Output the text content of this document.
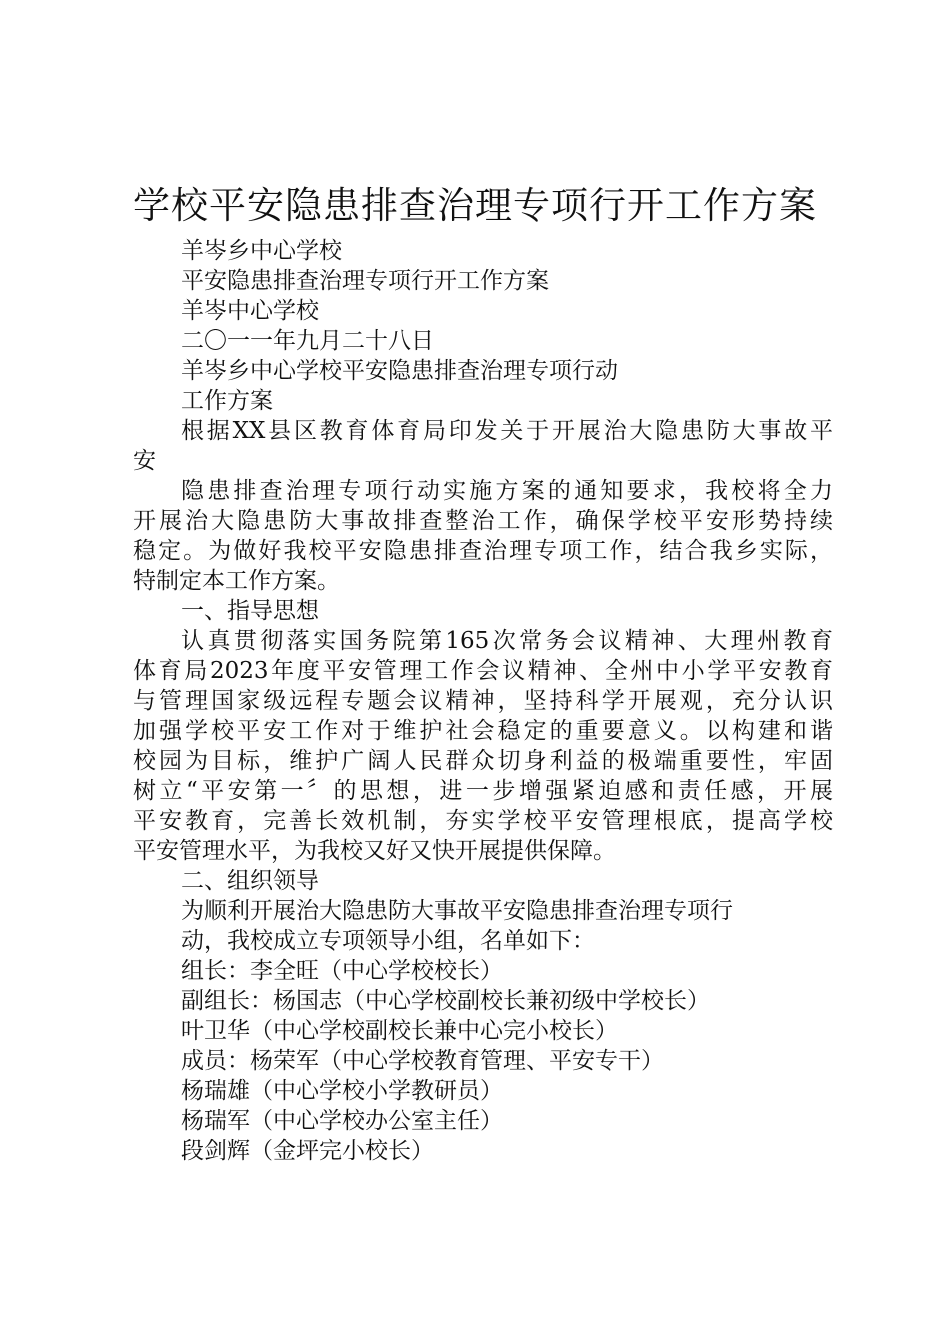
学校平安隐患排查治理专项行开工作方案
羊岑乡中心学校
平安隐患排查治理专项行开工作方案
羊岑中心学校
二〇一一年九月二十八日
羊岑乡中心学校平安隐患排查治理专项行动
工作方案
根据XX县区教育体育局印发关于开展治大隐患防大事故平
安
隐患排查治理专项行动实施方案的通知要求，我校将全力
开展治大隐患防大事故排查整治工作，确保学校平安形势持续
稳定。为做好我校平安隐患排查治理专项工作，结合我乡实际，
特制定本工作方案。
一、指导思想
认真贯彻落实国务院第165次常务会议精神、大理州教育
体育局2023年度平安管理工作会议精神、全州中小学平安教育
与管理国家级远程专题会议精神，坚持科学开展观，充分认识
加强学校平安工作对于维护社会稳定的重要意义。以构建和谐
校园为目标，维护广阔人民群众切身利益的极端重要性，牢固
树立“平安第一〞的思想，进一步增强紧迫感和责任感，开展
平安教育，完善长效机制，夯实学校平安管理根底，提高学校
平安管理水平，为我校又好又快开展提供保障。
二、组织领导
为顺利开展治大隐患防大事故平安隐患排查治理专项行
动，我校成立专项领导小组，名单如下：
组长：李全旺（中心学校校长）
副组长：杨国志（中心学校副校长兼初级中学校长）
叶卫华（中心学校副校长兼中心完小校长）
成员：杨荣军（中心学校教育管理、平安专干）
杨瑞雄（中心学校小学教研员）
杨瑞军（中心学校办公室主任）
段剑辉（金坪完小校长）
